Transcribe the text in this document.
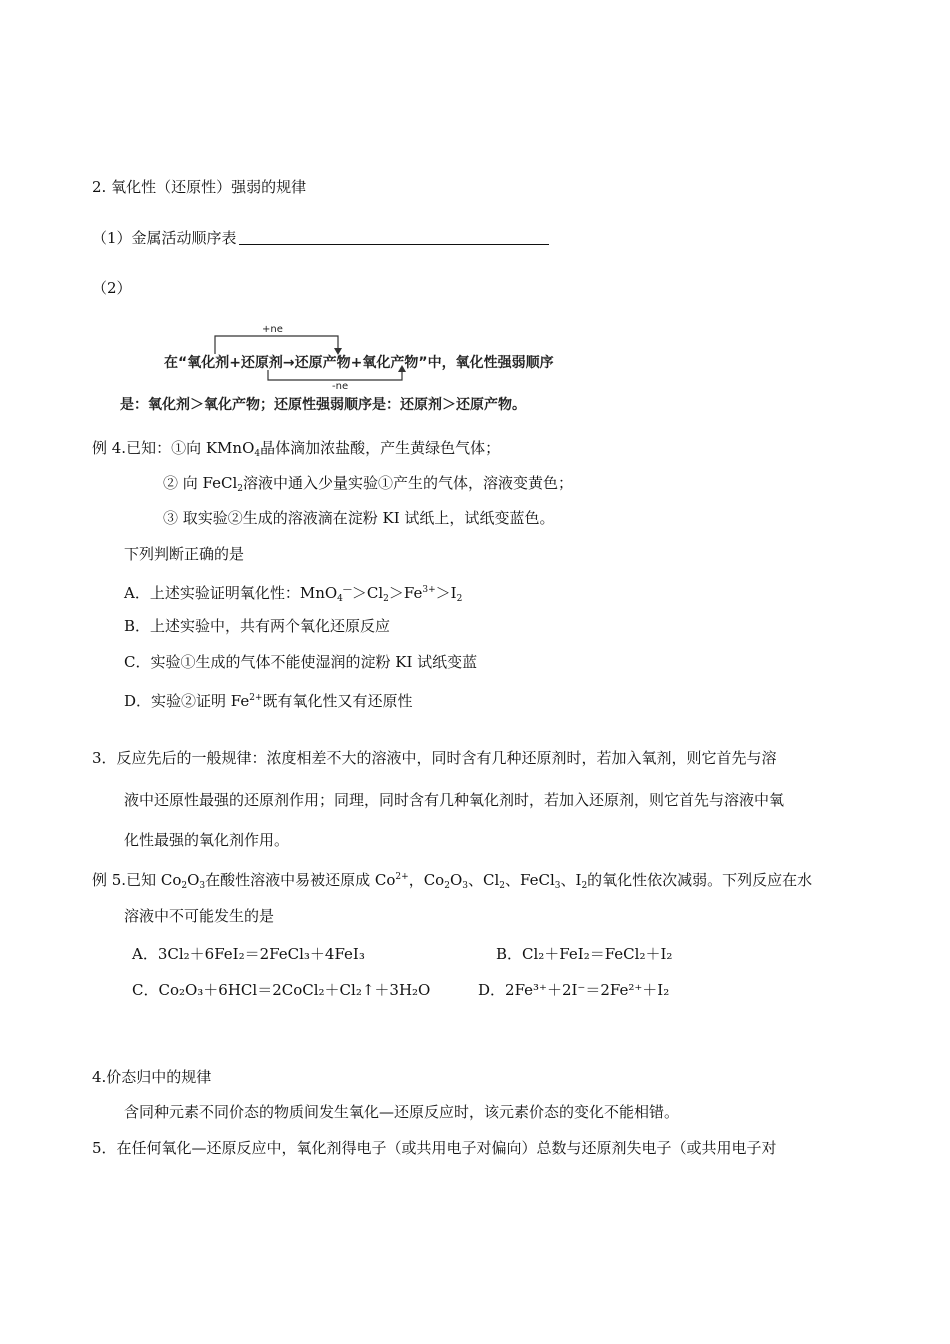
2. 氧化性（还原性）强弱的规律
（1）金属活动顺序表
（2）
+ne
-ne
在“氧化剂+还原剂→还原产物+氧化产物”中，氧化性强弱顺序
是：氧化剂＞氧化产物；还原性强弱顺序是：还原剂＞还原产物。
例 4.已知：①向 KMnO$_4$晶体滴加浓盐酸，产生黄绿色气体；
② 向 FeCl$_2$溶液中通入少量实验①产生的气体，溶液变黄色；
③ 取实验②生成的溶液滴在淀粉 KI 试纸上，试纸变蓝色。
下列判断正确的是
A．上述实验证明氧化性：$MnO_4^—>Cl_2>Fe^{3+}>I_2$
B．上述实验中，共有两个氧化还原反应
C．实验①生成的气体不能使湿润的淀粉 KI 试纸变蓝
D．实验②证明 $Fe^{2+}$既有氧化性又有还原性
3．反应先后的一般规律：浓度相差不大的溶液中，同时含有几种还原剂时，若加入氧剂，则它首先与溶
液中还原性最强的还原剂作用；同理，同时含有几种氧化剂时，若加入还原剂，则它首先与溶液中氧
化性最强的氧化剂作用。
例 5.已知 $Co_2O_3$在酸性溶液中易被还原成 $Co^{2+}$，$Co_2O_3$、$Cl_2$、FeCl$_3$、$I_2$的氧化性依次减弱。下列反应在水
溶液中不可能发生的是
A．3Cl₂＋6FeI₂＝2FeCl₃＋4FeI₃	B．Cl₂＋FeI₂＝FeCl₂＋I₂
C．Co₂O₃＋6HCl＝2CoCl₂＋Cl₂↑＋3H₂O	D．2Fe³⁺＋2I⁻＝2Fe²⁺＋I₂
4.价态归中的规律
含同种元素不同价态的物质间发生氧化—还原反应时，该元素价态的变化不能相错。
5．在任何氧化—还原反应中，氧化剂得电子（或共用电子对偏向）总数与还原剂失电子（或共用电子对
